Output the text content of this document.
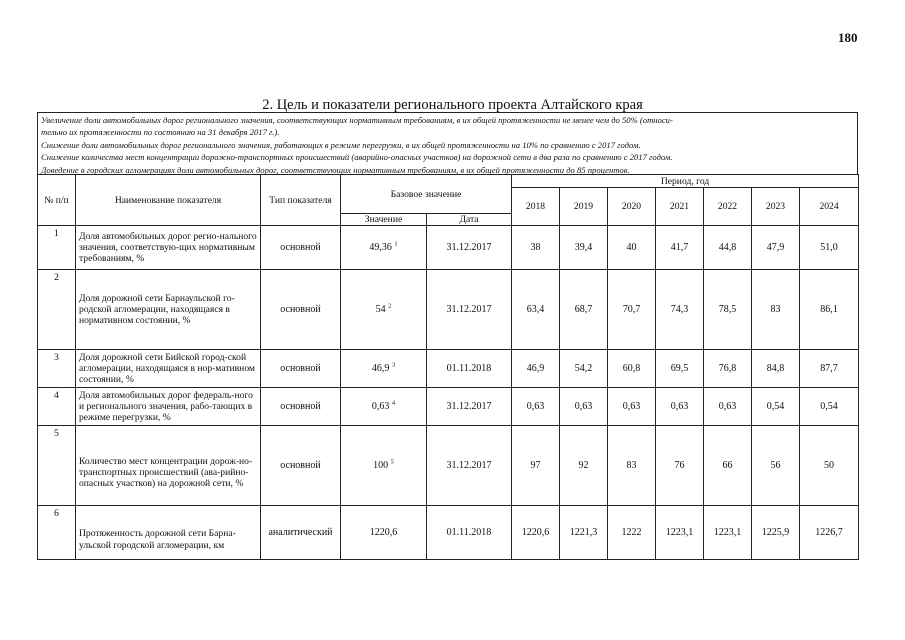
180
2. Цель и показатели регионального проекта Алтайского края

Увеличение доли автомобильных дорог регионального значения, соответствующих нормативным требованиям, в их общей протяженности не менее чем до 50% (относи-

тельно их протяженности по состоянию на 31 декабря 2017 г.).

Снижение доли автомобильных дорог регионального значения, работающих в режиме перегрузки, в их общей протяженности на 10% по сравнению с 2017 годом.

Снижение количества мест концентрации дорожно-транспортных происшествий (аварийно-опасных участков) на дорожной сети в два раза по сравнению с 2017 годом.

Доведение в городских агломерациях доли автомобильных дорог, соответствующих нормативным требованиям, в их общей протяженности до 85 процентов.

№ п/п	Наименование показателя	Тип показателя	Базовое значение		Период, год						
					2018	2019	2020	2021	2022	2023	2024
			Значение	Дата							
1	Доля автомобильных дорог регио-нального значения, соответствую-щих нормативным требованиям, %	основной	49,36 $^1$	31.12.2017	38	39,4	40	41,7	44,8	47,9	51,0
2	Доля дорожной сети Барнаульской го-родской агломерации, находящаяся в нормативном состоянии, %	основной	54 $^2$	31.12.2017	63,4	68,7	70,7	74,3	78,5	83	86,1
3	Доля дорожной сети Бийской город-ской агломерации, находящаяся в нор-мативном состоянии, %	основной	46,9 $^3$	01.11.2018	46,9	54,2	60,8	69,5	76,8	84,8	87,7
4	Доля автомобильных дорог федераль-ного и регионального значения, рабо-тающих в режиме перегрузки, %	основной	0,63 $^4$	31.12.2017	0,63	0,63	0,63	0,63	0,63	0,54	0,54
5	Количество мест концентрации дорож-но-транспортных происшествий (ава-рийно-опасных участков) на дорожной сети, %	основной	100 $^5$	31.12.2017	97	92	83	76	66	56	50
6	Протяженность дорожной сети Барна-ульской городской агломерации, км	аналитический	1220,6	01.11.2018	1220,6	1221,3	1222	1223,1	1223,1	1225,9	1226,7
